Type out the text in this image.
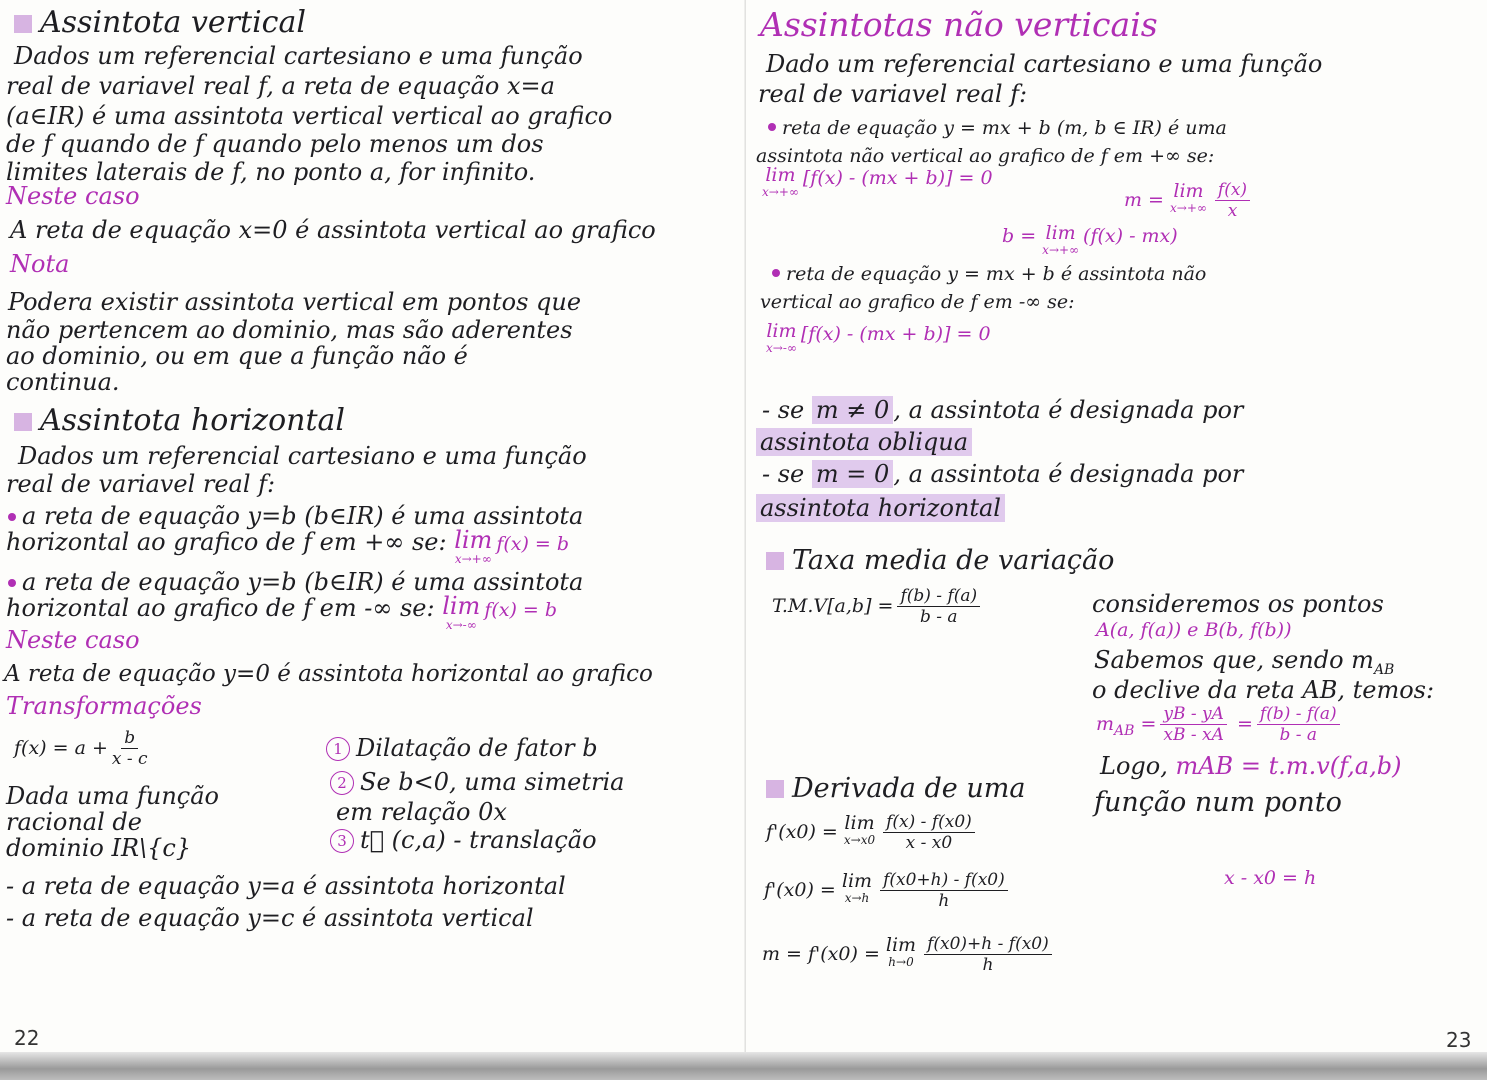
Assintota vertical
Dados um referencial cartesiano e uma função
real de variavel real f, a reta de equação x=a
(a∈IR) é uma assintota vertical vertical ao grafico
de f quando de f quando pelo menos um dos
limites laterais de f, no ponto a, for infinito.
Neste caso
A reta de equação x=0 é assintota vertical ao grafico
Nota
Podera existir assintota vertical em pontos que
não pertencem ao dominio, mas são aderentes
ao dominio, ou em que a função não é
continua.
Assintota horizontal
Dados um referencial cartesiano e uma função
real de variavel real f:
a reta de equação y=b (b∈IR) é uma assintota
horizontal ao grafico de f em +∞ se: lim
x→+∞
f(x) = b
a reta de equação y=b (b∈IR) é uma assintota
horizontal ao grafico de f em -∞ se: lim
x→-∞
f(x) = b
Neste caso
A reta de equação y=0 é assintota horizontal ao grafico
Transformações
$f(x) = a + \frac{b}{x - c}$	1 Dilatação de fator b
2 Se b<0, uma simetria
em relação 0x
3 t⃗ (c,a) - translação
Dada uma função
racional de
dominio IR\{c}
- a reta de equação y=a é assintota horizontal
- a reta de equação y=c é assintota vertical
22
Assintotas não verticais
Dado um referencial cartesiano e uma função
real de variavel real f:
reta de equação y = mx + b (m, b ∈ IR) é uma
assintota não vertical ao grafico de f em +∞ se:
lim
x→+∞
[f(x) - (mx + b)] = 0
m = lim
$x\to+\infty \frac{f(x)}{x}$
b = lim
x→+∞
(f(x) - mx)
reta de equação y = mx + b é assintota não
vertical ao grafico de f em -∞ se:
lim
x→-∞
[f(x) - (mx + b)] = 0
- se m ≠ 0 , a assintota é designada por
assintota obliqua
- se m = 0 , a assintota é designada por
assintota horizontal
Taxa media de variação
$T.M.V[a,b] = \frac{f(b) - f(a)}{b - a}$	consideremos os pontos
A(a, f(a)) e B(b, f(b))
Sabemos que, sendo $m_{AB}$
o declive da reta AB, temos:
$m_{AB} = \frac{yB - yA}{xB - xA} = \frac{f(b) - f(a)}{b - a}$
Logo, mAB = t.m.v(f,a,b)
Derivada de uma	função num ponto
f'(x0) = lim
$x\to x0 \frac{f(x) - f(x0)}{x - x0}$
f'(x0) = lim
$x\to h \frac{f(x0+h) - f(x0)}{h}$	x - x0 = h
m = f'(x0) = lim
$h\to 0 \frac{f(x0)+h - f(x0)}{h}$
23
